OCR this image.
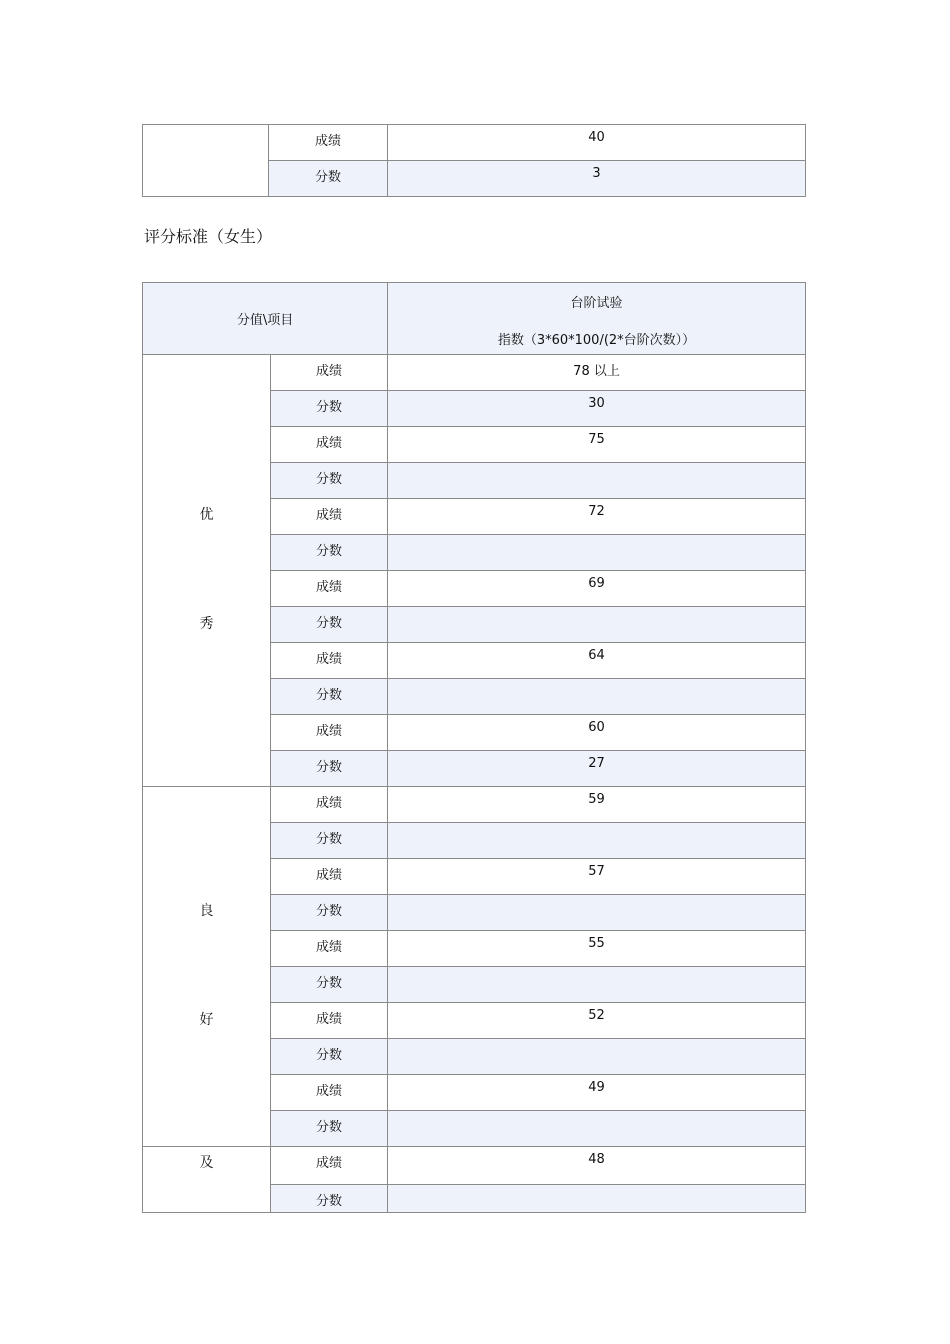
	成绩	40
	分数	3
评分标准（女生）
分值\项目		台阶试验
指数（3*60*100/(2*台阶次数））

优
秀	成绩	78 以上
	分数	30
	成绩	75
	分数	
	成绩	72
	分数	
	成绩	69
	分数	
	成绩	64
	分数	
	成绩	60
	分数	27

良
好	成绩	59
	分数	
	成绩	57
	分数	
	成绩	55
	分数	
	成绩	52
	分数	
	成绩	49
	分数	

及	成绩	48
	分数	
